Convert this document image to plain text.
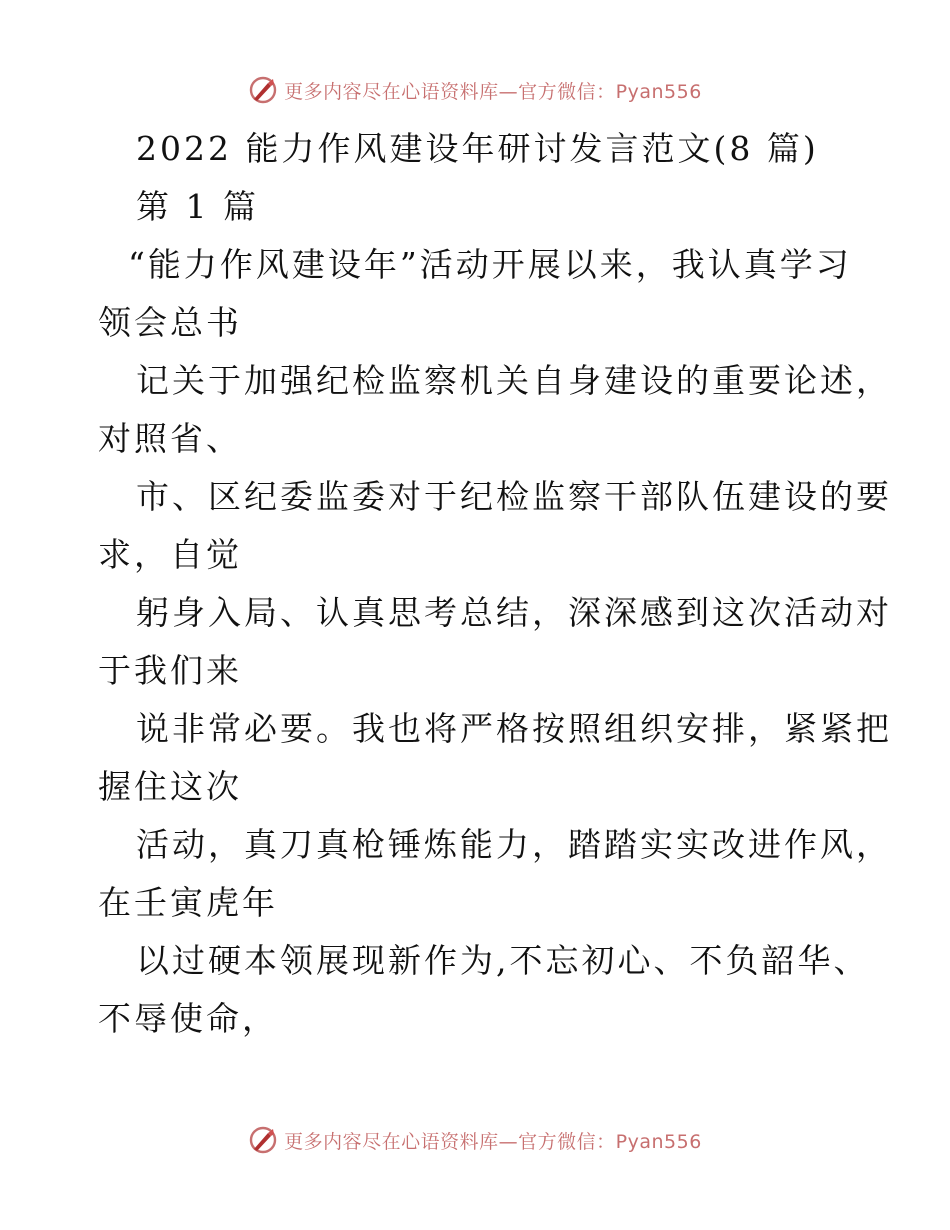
更多内容尽在心语资料库—官方微信：Pyan556
2022 能力作风建设年研讨发言范文(8 篇)
第 1 篇
“能力作风建设年”活动开展以来，我认真学习
领会总书
记关于加强纪检监察机关自身建设的重要论述，
对照省、
市、区纪委监委对于纪检监察干部队伍建设的要
求，自觉
躬身入局、认真思考总结，深深感到这次活动对
于我们来
说非常必要。我也将严格按照组织安排，紧紧把
握住这次
活动，真刀真枪锤炼能力，踏踏实实改进作风，
在壬寅虎年
以过硬本领展现新作为,不忘初心、不负韶华、
不辱使命，
更多内容尽在心语资料库—官方微信：Pyan556
